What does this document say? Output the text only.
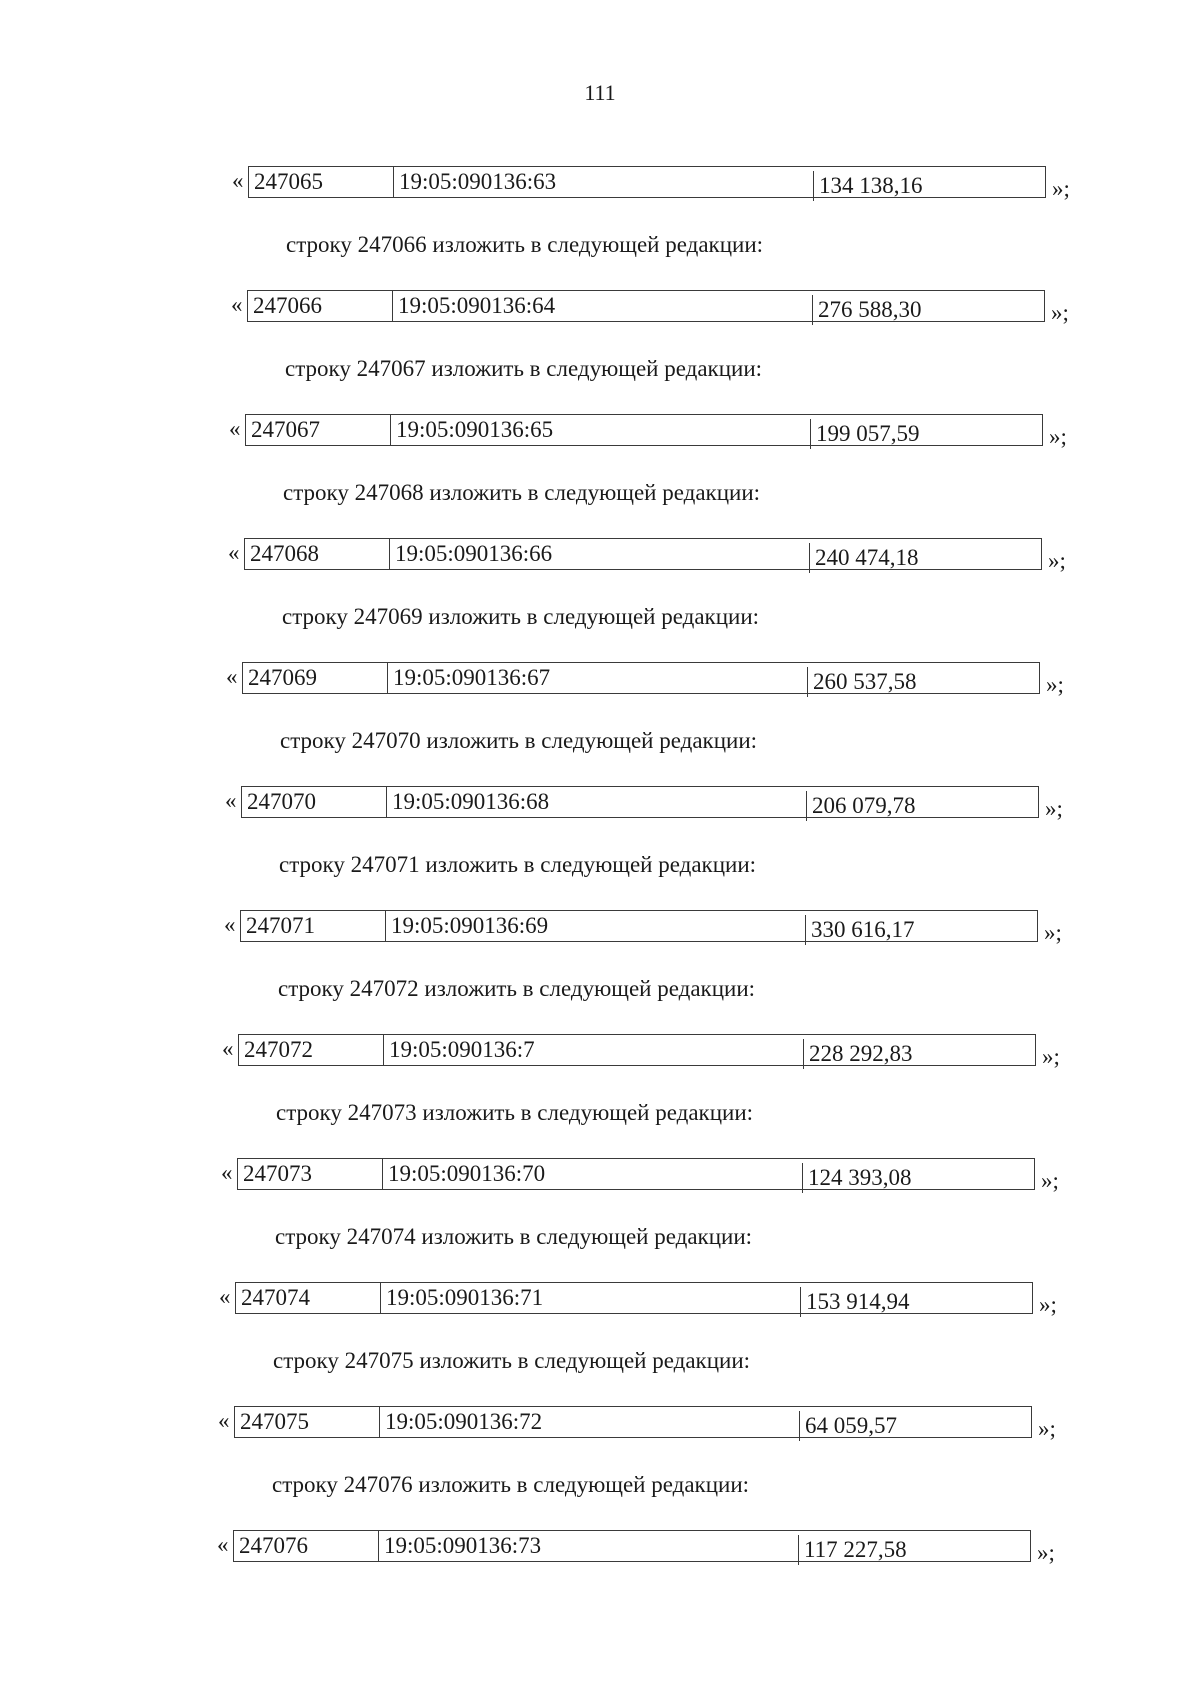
111
« 247065	19:05:090136:63	134 138,16	»;
строку 247066 изложить в следующей редакции:
« 247066	19:05:090136:64	276 588,30	»;
строку 247067 изложить в следующей редакции:
« 247067	19:05:090136:65	199 057,59	»;
строку 247068 изложить в следующей редакции:
« 247068	19:05:090136:66	240 474,18	»;
строку 247069 изложить в следующей редакции:
« 247069	19:05:090136:67	260 537,58	»;
строку 247070 изложить в следующей редакции:
« 247070	19:05:090136:68	206 079,78	»;
строку 247071 изложить в следующей редакции:
« 247071	19:05:090136:69	330 616,17	»;
строку 247072 изложить в следующей редакции:
« 247072	19:05:090136:7	228 292,83	»;
строку 247073 изложить в следующей редакции:
« 247073	19:05:090136:70	124 393,08	»;
строку 247074 изложить в следующей редакции:
« 247074	19:05:090136:71	153 914,94	»;
строку 247075 изложить в следующей редакции:
« 247075	19:05:090136:72	64 059,57	»;
строку 247076 изложить в следующей редакции:
« 247076	19:05:090136:73	117 227,58	»;
